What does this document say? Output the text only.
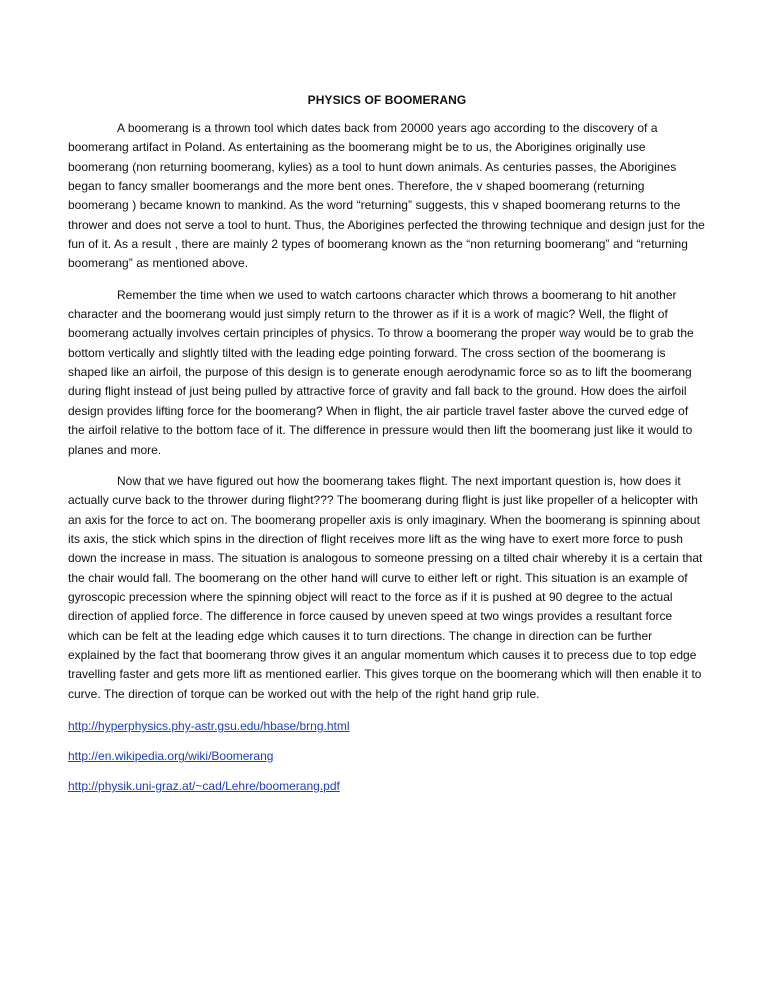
PHYSICS OF BOOMERANG

A boomerang is a thrown tool which dates back from 20000 years ago according to the discovery of a boomerang artifact in Poland. As entertaining as the boomerang might be to us, the Aborigines originally use boomerang (non returning boomerang, kylies) as a tool to hunt down animals. As centuries passes, the Aborigines began to fancy smaller boomerangs and the more bent ones. Therefore, the v shaped boomerang (returning boomerang ) became known to mankind. As the word “returning” suggests, this v shaped boomerang returns to the thrower and does not serve a tool to hunt. Thus, the Aborigines perfected the throwing technique and design just for the fun of it. As a result , there are mainly 2 types of boomerang known as the “non returning boomerang” and “returning boomerang” as mentioned above.

Remember the time when we used to watch cartoons character which throws a boomerang to hit another character and the boomerang would just simply return to the thrower as if it is a work of magic? Well, the flight of boomerang actually involves certain principles of physics. To throw a boomerang the proper way would be to grab the bottom vertically and slightly tilted with the leading edge pointing forward. The cross section of the boomerang is shaped like an airfoil, the purpose of this design is to generate enough aerodynamic force so as to lift the boomerang during flight instead of just being pulled by attractive force of gravity and fall back to the ground. How does the airfoil design provides lifting force for the boomerang? When in flight, the air particle travel faster above the curved edge of the airfoil relative to the bottom face of it. The difference in pressure would then lift the boomerang just like it would to planes and more.

Now that we have figured out how the boomerang takes flight. The next important question is, how does it actually curve back to the thrower during flight??? The boomerang during flight is just like propeller of a helicopter with an axis for the force to act on. The boomerang propeller axis is only imaginary. When the boomerang is spinning about its axis, the stick which spins in the direction of flight receives more lift as the wing have to exert more force to push down the increase in mass. The situation is analogous to someone pressing on a tilted chair whereby it is a certain that the chair would fall. The boomerang on the other hand will curve to either left or right. This situation is an example of gyroscopic precession where the spinning object will react to the force as if it is pushed at 90 degree to the actual direction of applied force. The difference in force caused by uneven speed at two wings provides a resultant force which can be felt at the leading edge which causes it to turn directions. The change in direction can be further explained by the fact that boomerang throw gives it an angular momentum which causes it to precess due to top edge travelling faster and gets more lift as mentioned earlier. This gives torque on the boomerang which will then enable it to curve. The direction of torque can be worked out with the help of the right hand grip rule.

http://hyperphysics.phy-astr.gsu.edu/hbase/brng.html
http://en.wikipedia.org/wiki/Boomerang
http://physik.uni-graz.at/~cad/Lehre/boomerang.pdf
